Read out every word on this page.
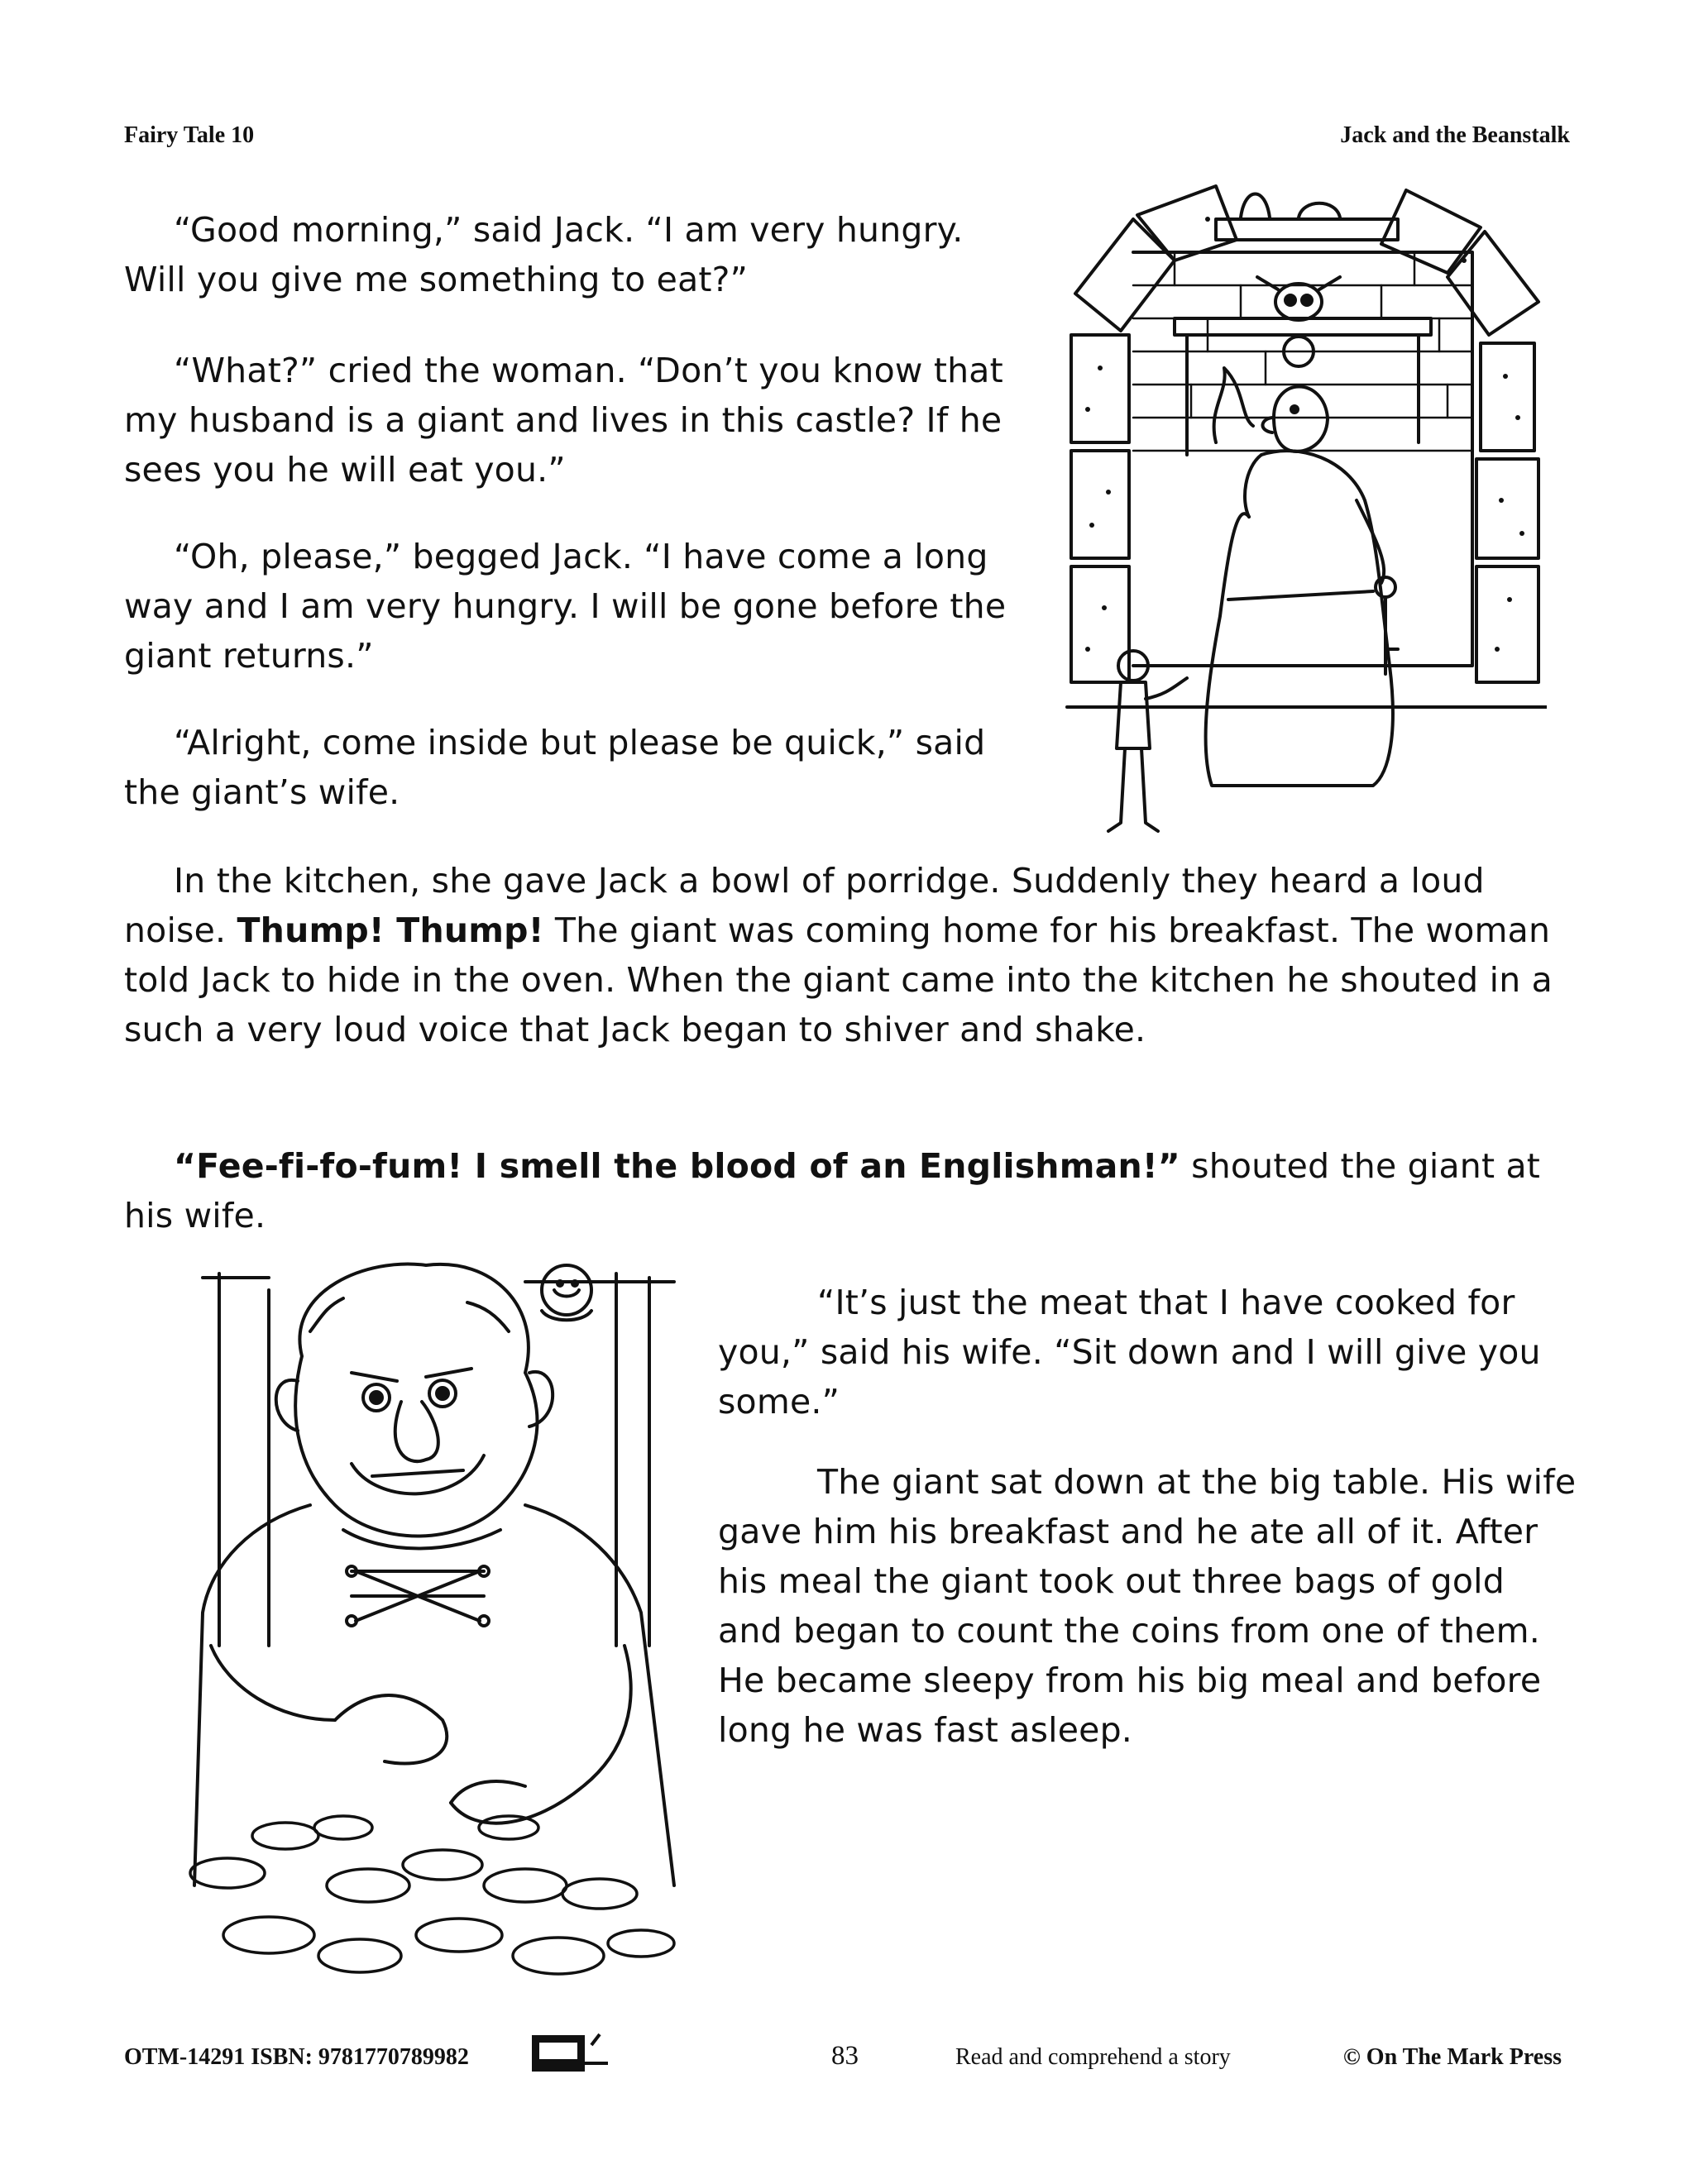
Fairy Tale 10	Jack and the Beanstalk

“Good morning,” said Jack. “I am very hungry. Will you give me something to eat?”

“What?” cried the woman. “Don’t you know that my husband is a giant and lives in this castle? If he sees you he will eat you.”

“Oh, please,” begged Jack. “I have come a long way and I am very hungry. I will be gone before the giant returns.”

“Alright, come inside but please be quick,” said the giant’s wife.

In the kitchen, she gave Jack a bowl of porridge. Suddenly they heard a loud noise. Thump! Thump! The giant was coming home for his breakfast. The woman told Jack to hide in the oven. When the giant came into the kitchen he shouted in a such a very loud voice that Jack began to shiver and shake.

“Fee-fi-fo-fum! I smell the blood of an Englishman!” shouted the giant at his wife.

“It’s just the meat that I have cooked for you,” said his wife. “Sit down and I will give you some.”

The giant sat down at the big table. His wife gave him his breakfast and he ate all of it. After his meal the giant took out three bags of gold and began to count the coins from one of them. He became sleepy from his big meal and before long he was fast asleep.

OTM-14291 ISBN: 9781770789982	83	Read and comprehend a story	© On The Mark Press
